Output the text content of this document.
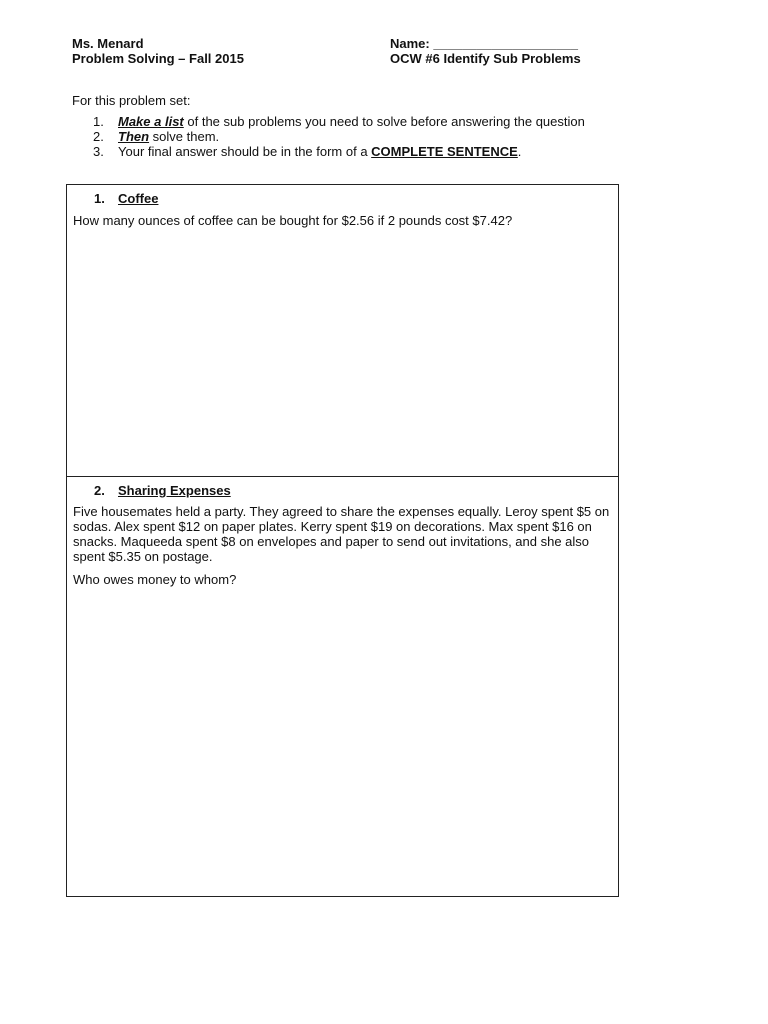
Ms. Menard
Problem Solving – Fall 2015
Name: ____________________
OCW #6 Identify Sub Problems
For this problem set:
1. Make a list of the sub problems you need to solve before answering the question
2. Then solve them.
3. Your final answer should be in the form of a COMPLETE SENTENCE.
1. Coffee

How many ounces of coffee can be bought for $2.56 if 2 pounds cost $7.42?

2. Sharing Expenses

Five housemates held a party. They agreed to share the expenses equally. Leroy spent $5 on sodas. Alex spent $12 on paper plates. Kerry spent $19 on decorations. Max spent $16 on snacks. Maqueeda spent $8 on envelopes and paper to send out invitations, and she also spent $5.35 on postage.

Who owes money to whom?
